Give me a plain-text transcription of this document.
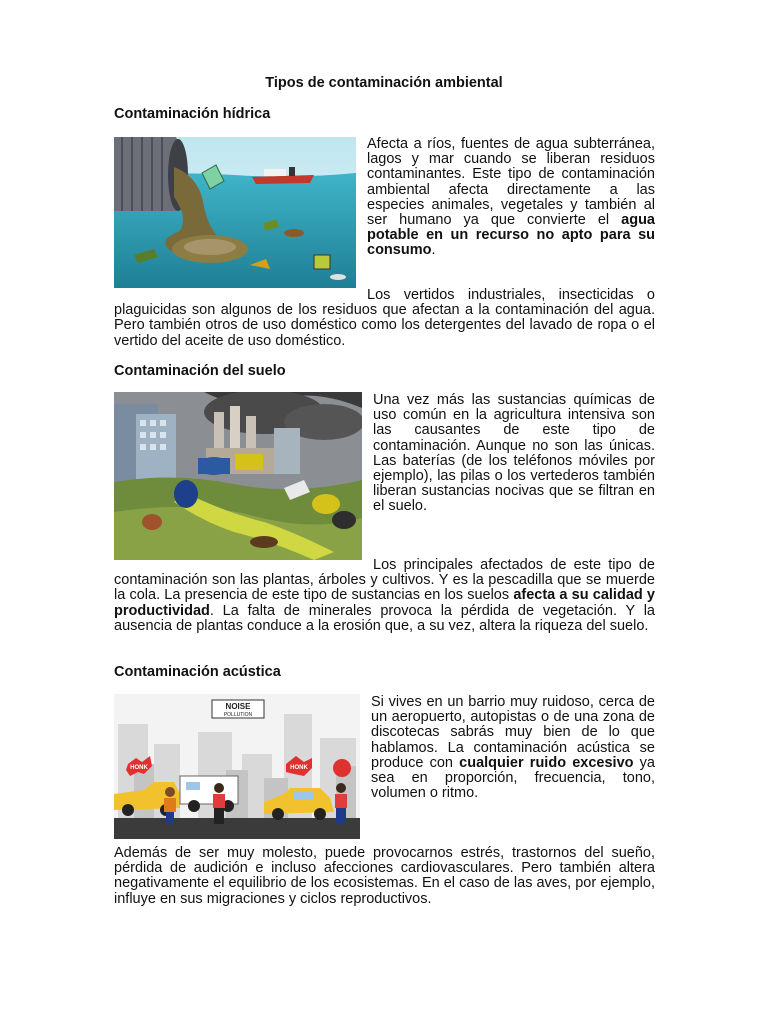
Tipos de contaminación ambiental
Contaminación hídrica

Afecta a ríos, fuentes de agua subterránea, lagos y mar cuando se liberan residuos contaminantes. Este tipo de contaminación ambiental afecta directamente a las especies animales, vegetales y también al ser humano ya que convierte el agua potable en un recurso no apto para su consumo.

Los vertidos industriales, insecticidas o plaguicidas son algunos de los residuos que afectan a la contaminación del agua. Pero también otros de uso doméstico como los detergentes del lavado de ropa o el vertido del aceite de uso doméstico.

Contaminación del suelo

Una vez más las sustancias químicas de uso común en la agricultura intensiva son las causantes de este tipo de contaminación. Aunque no son las únicas. Las baterías (de los teléfonos móviles por ejemplo), las pilas o los vertederos también liberan sustancias nocivas que se filtran en el suelo.

Los principales afectados de este tipo de contaminación son las plantas, árboles y cultivos. Y es la pescadilla que se muerde la cola. La presencia de este tipo de sustancias en los suelos afecta a su calidad y productividad. La falta de minerales provoca la pérdida de vegetación. Y la ausencia de plantas conduce a la erosión que, a su vez, altera la riqueza del suelo.

Contaminación acústica
NOISE
POLLUTION
HONK	HONK

Si vives en un barrio muy ruidoso, cerca de un aeropuerto, autopistas o de una zona de discotecas sabrás muy bien de lo que hablamos. La contaminación acústica se produce con cualquier ruido excesivo ya sea en proporción, frecuencia, tono, volumen o ritmo.

Además de ser muy molesto, puede provocarnos estrés, trastornos del sueño, pérdida de audición e incluso afecciones cardiovasculares. Pero también altera negativamente el equilibrio de los ecosistemas. En el caso de las aves, por ejemplo, influye en sus migraciones y ciclos reproductivos.
